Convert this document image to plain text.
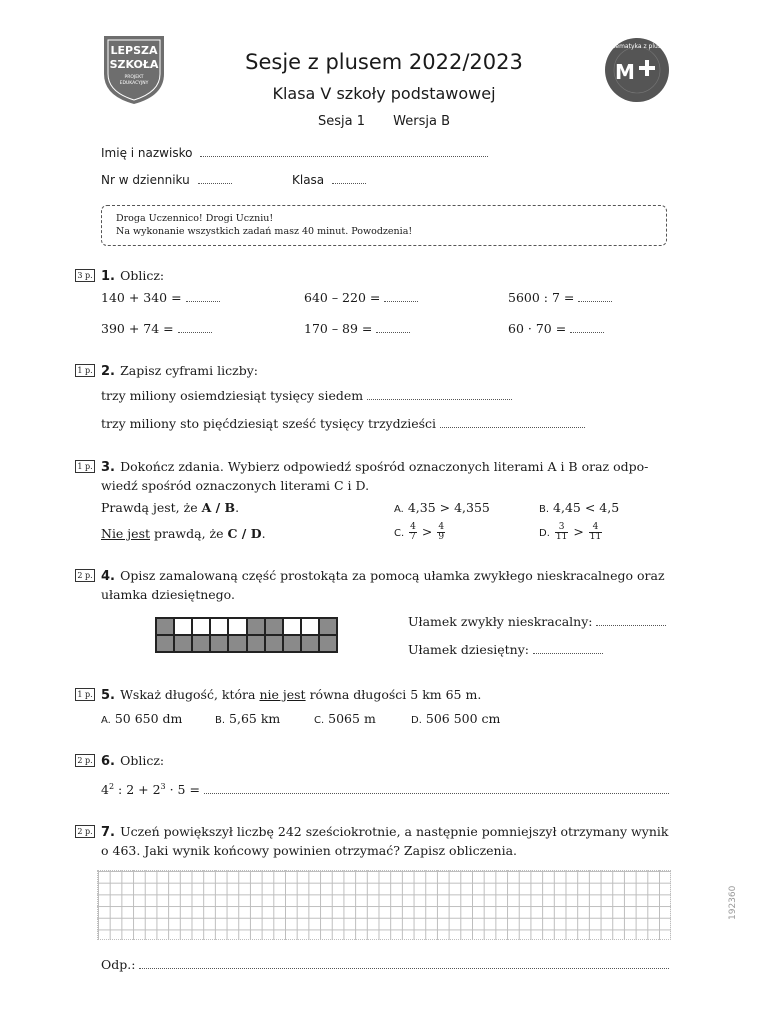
LEPSZA
SZKOŁA
PROJEKT
EDUKACYJNY	M
matematyka z plusem
Sesje z plusem 2022/2023
Klasa V szkoły podstawowej
Sesja 1 Wersja B
Imię i nazwisko
Nr w dzienniku	Klasa
Droga Uczennico! Drogi Uczniu!
Na wykonanie wszystkich zadań masz 40 minut. Powodzenia!
3 p. 1. Oblicz:
140 + 340 =	640 – 220 =	5600 : 7 =
390 + 74 =	170 – 89 =	60 · 70 =
1 p. 2. Zapisz cyframi liczby:
trzy miliony osiemdziesiąt tysięcy siedem
trzy miliony sto pięćdziesiąt sześć tysięcy trzydzieści
1 p. 3. Dokończ zdania. Wybierz odpowiedź spośród oznaczonych literami A i B oraz odpo-
wiedź spośród oznaczonych literami C i D.
Prawdą jest, że A / B.
Nie jest prawdą, że C / D.
A. 4,35 > 4,355	B. 4,45 < 4,5
C. $\frac{4}{7} > \frac{4}{9}$	D. $\frac{3}{11} > \frac{4}{11}$
2 p. 4. Opisz zamalowaną część prostokąta za pomocą ułamka zwykłego nieskracalnego oraz
ułamka dziesiętnego.
Ułamek zwykły nieskracalny:
Ułamek dziesiętny:
1 p. 5. Wskaż długość, która nie jest równa długości 5 km 65 m.
A. 50 650 dm	B. 5,65 km	C. 5065 m	D. 506 500 cm
2 p. 6. Oblicz:
$4^2$ : $2 + 2^3 \cdot 5$ =
2 p. 7. Uczeń powiększył liczbę 242 sześciokrotnie, a następnie pomniejszył otrzymany wynik
o 463. Jaki wynik końcowy powinien otrzymać? Zapisz obliczenia.
Odp.:
192360
